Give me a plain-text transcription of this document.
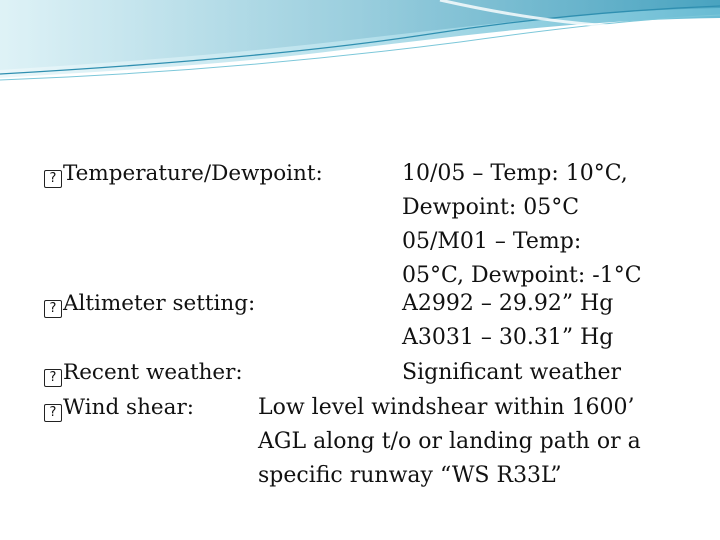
? Temperature/Dewpoint:	10/05 – Temp: 10°C,
Dewpoint: 05°C
05/M01 – Temp:
05°C, Dewpoint: -1°C

? Altimeter setting:	A2992 – 29.92” Hg
A3031 – 30.31” Hg

? Recent weather:	Significant weather

? Wind shear:	Low level windshear within 1600’
AGL along t/o or landing path or a
specific runway “WS R33L”
